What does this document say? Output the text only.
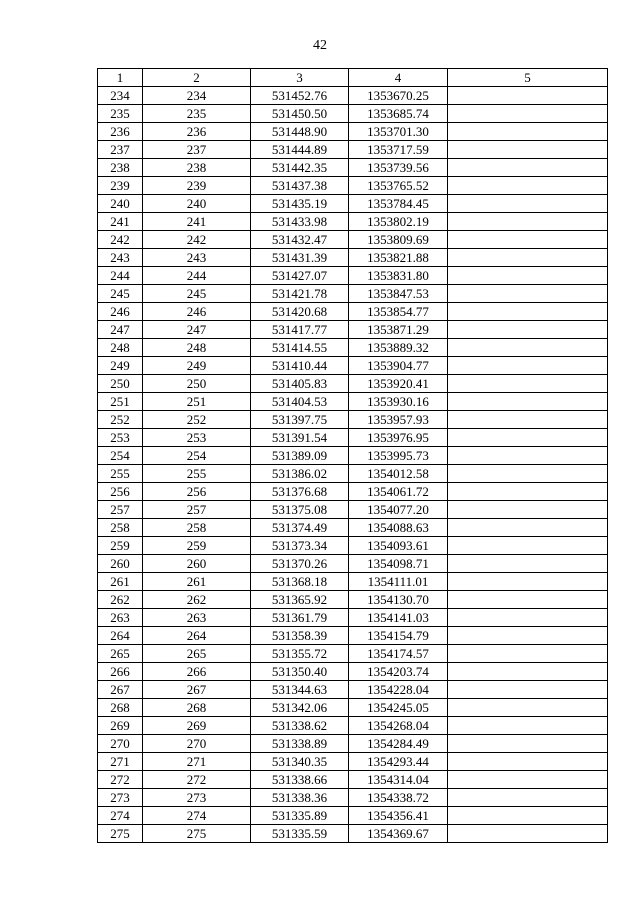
42
1	2	3	4	5
234	234	531452.76	1353670.25	
235	235	531450.50	1353685.74	
236	236	531448.90	1353701.30	
237	237	531444.89	1353717.59	
238	238	531442.35	1353739.56	
239	239	531437.38	1353765.52	
240	240	531435.19	1353784.45	
241	241	531433.98	1353802.19	
242	242	531432.47	1353809.69	
243	243	531431.39	1353821.88	
244	244	531427.07	1353831.80	
245	245	531421.78	1353847.53	
246	246	531420.68	1353854.77	
247	247	531417.77	1353871.29	
248	248	531414.55	1353889.32	
249	249	531410.44	1353904.77	
250	250	531405.83	1353920.41	
251	251	531404.53	1353930.16	
252	252	531397.75	1353957.93	
253	253	531391.54	1353976.95	
254	254	531389.09	1353995.73	
255	255	531386.02	1354012.58	
256	256	531376.68	1354061.72	
257	257	531375.08	1354077.20	
258	258	531374.49	1354088.63	
259	259	531373.34	1354093.61	
260	260	531370.26	1354098.71	
261	261	531368.18	1354111.01	
262	262	531365.92	1354130.70	
263	263	531361.79	1354141.03	
264	264	531358.39	1354154.79	
265	265	531355.72	1354174.57	
266	266	531350.40	1354203.74	
267	267	531344.63	1354228.04	
268	268	531342.06	1354245.05	
269	269	531338.62	1354268.04	
270	270	531338.89	1354284.49	
271	271	531340.35	1354293.44	
272	272	531338.66	1354314.04	
273	273	531338.36	1354338.72	
274	274	531335.89	1354356.41	
275	275	531335.59	1354369.67	
